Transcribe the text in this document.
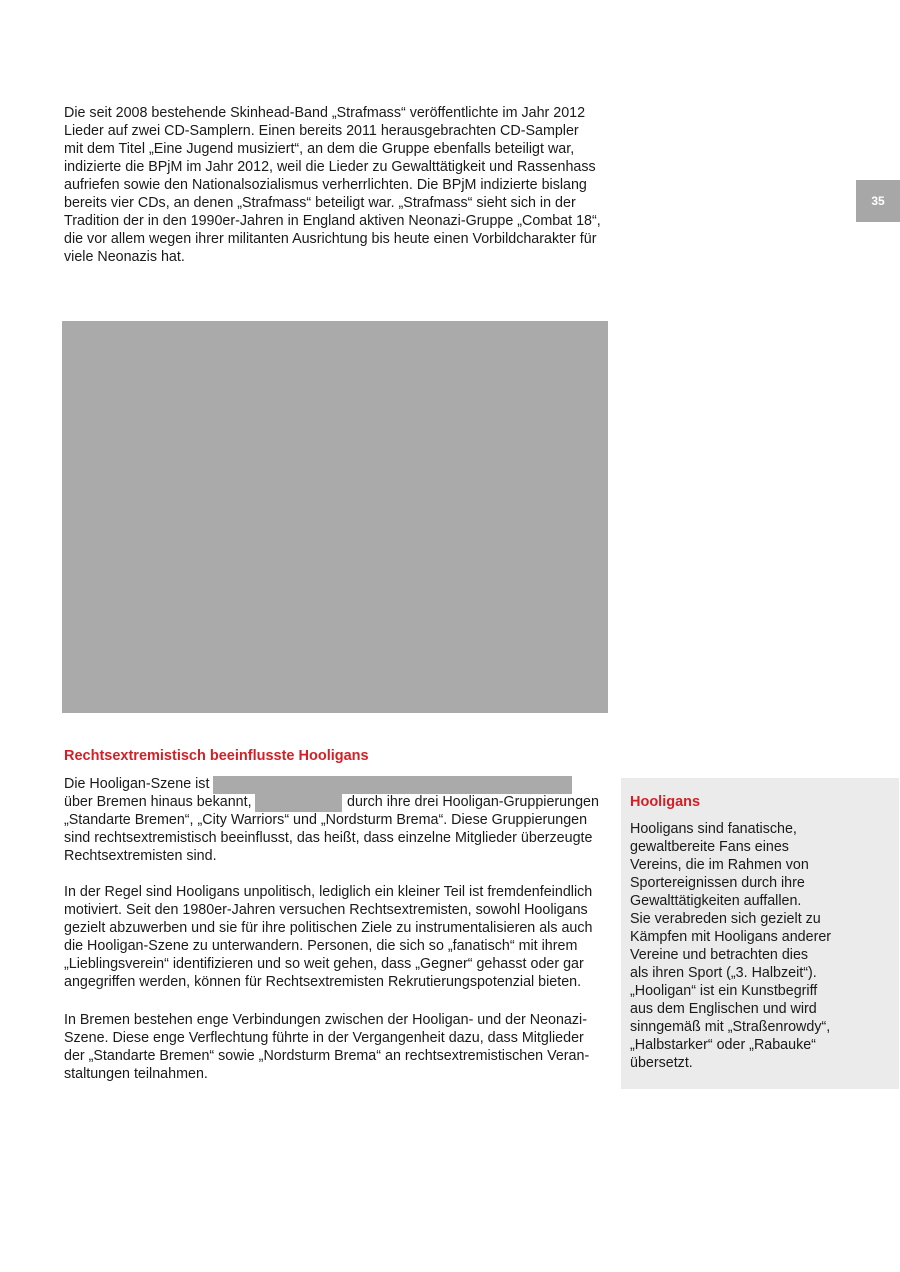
35

Die seit 2008 bestehende Skinhead-Band „Strafmass“ veröffentlichte im Jahr 2012
Lieder auf zwei CD-Samplern. Einen bereits 2011 herausgebrachten CD-Sampler
mit dem Titel „Eine Jugend musiziert“, an dem die Gruppe ebenfalls beteiligt war,
indizierte die BPjM im Jahr 2012, weil die Lieder zu Gewalttätigkeit und Rassenhass
aufriefen sowie den Nationalsozialismus verherrlichten. Die BPjM indizierte bislang
bereits vier CDs, an denen „Strafmass“ beteiligt war. „Strafmass“ sieht sich in der
Tradition der in den 1990er-Jahren in England aktiven Neonazi-Gruppe „Combat 18“,
die vor allem wegen ihrer militanten Ausrichtung bis heute einen Vorbildcharakter für
viele Neonazis hat.

Rechtsextremistisch beeinflusste Hooligans
Die Hooligan-Szene ist
über Bremen hinaus bekannt,	durch ihre drei Hooligan-Gruppierungen

„Standarte Bremen“, „City Warriors“ und „Nordsturm Brema“. Diese Gruppierungen
sind rechtsextremistisch beeinflusst, das heißt, dass einzelne Mitglieder überzeugte
Rechtsextremisten sind.

In der Regel sind Hooligans unpolitisch, lediglich ein kleiner Teil ist fremdenfeindlich
motiviert. Seit den 1980er-Jahren versuchen Rechtsextremisten, sowohl Hooligans
gezielt abzuwerben und sie für ihre politischen Ziele zu instrumentalisieren als auch
die Hooligan-Szene zu unterwandern. Personen, die sich so „fanatisch“ mit ihrem
„Lieblingsverein“ identifizieren und so weit gehen, dass „Gegner“ gehasst oder gar
angegriffen werden, können für Rechtsextremisten Rekrutierungspotenzial bieten.

In Bremen bestehen enge Verbindungen zwischen der Hooligan- und der Neonazi-
Szene. Diese enge Verflechtung führte in der Vergangenheit dazu, dass Mitglieder
der „Standarte Bremen“ sowie „Nordsturm Brema“ an rechtsextremistischen Veran-
staltungen teilnahmen.

Hooligans

Hooligans sind fanatische,
gewaltbereite Fans eines
Vereins, die im Rahmen von
Sportereignissen durch ihre
Gewalttätigkeiten auffallen.
Sie verabreden sich gezielt zu
Kämpfen mit Hooligans anderer
Vereine und betrachten dies
als ihren Sport („3. Halbzeit“).
„Hooligan“ ist ein Kunstbegriff
aus dem Englischen und wird
sinngemäß mit „Straßenrowdy“,
„Halbstarker“ oder „Rabauke“
übersetzt.
